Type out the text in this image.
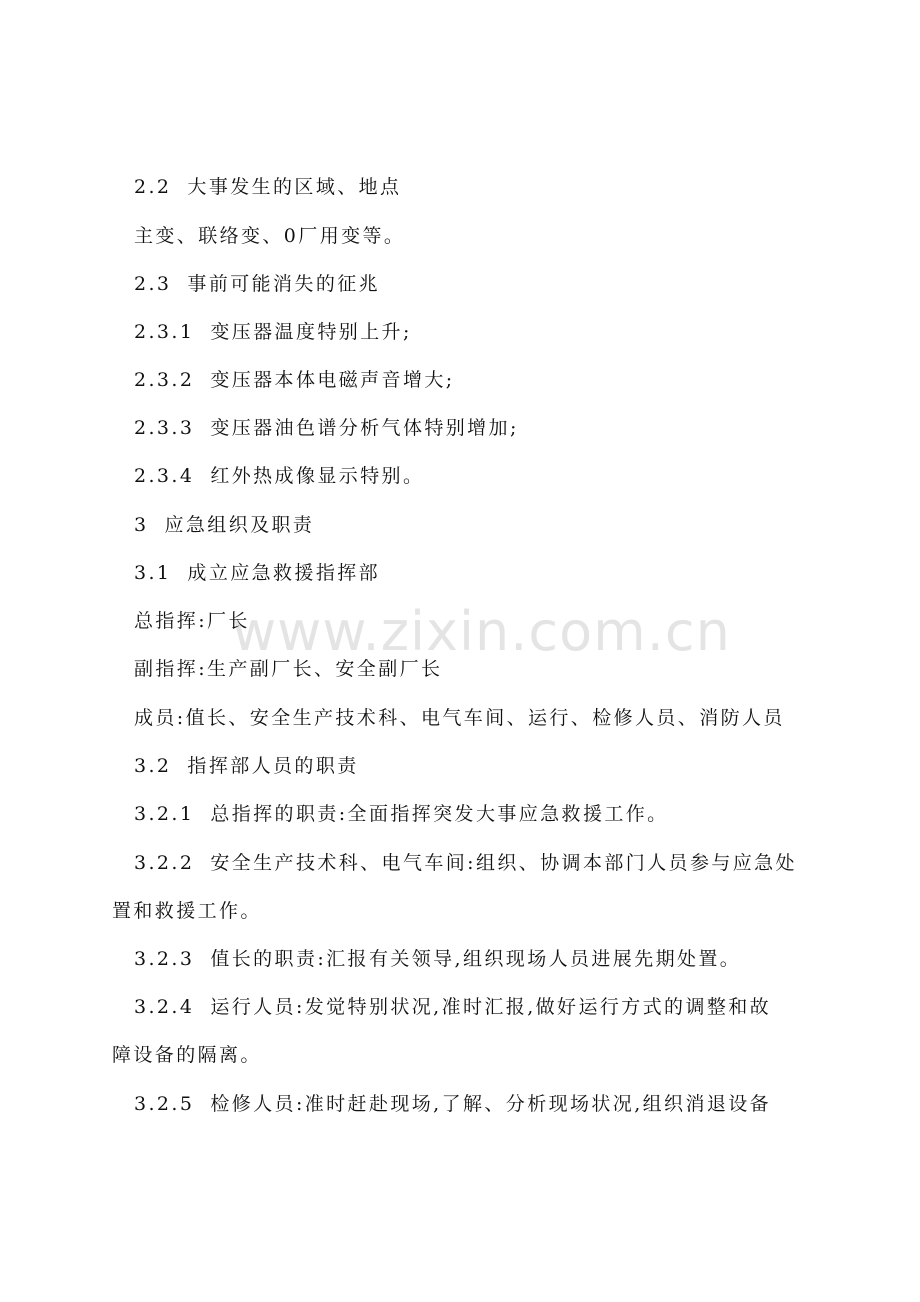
www.zixin.com.cn
2.2 大事发生的区域、地点
主变、联络变、0厂用变等。
2.3 事前可能消失的征兆
2.3.1 变压器温度特别上升;
2.3.2 变压器本体电磁声音增大;
2.3.3 变压器油色谱分析气体特别增加;
2.3.4 红外热成像显示特别。
3 应急组织及职责
3.1 成立应急救援指挥部
总指挥:厂长
副指挥:生产副厂长、安全副厂长
成员:值长、安全生产技术科、电气车间、运行、检修人员、消防人员
3.2 指挥部人员的职责
3.2.1 总指挥的职责:全面指挥突发大事应急救援工作。
3.2.2 安全生产技术科、电气车间:组织、协调本部门人员参与应急处
置和救援工作。
3.2.3 值长的职责:汇报有关领导,组织现场人员进展先期处置。
3.2.4 运行人员:发觉特别状况,准时汇报,做好运行方式的调整和故
障设备的隔离。
3.2.5 检修人员:准时赶赴现场,了解、分析现场状况,组织消退设备
